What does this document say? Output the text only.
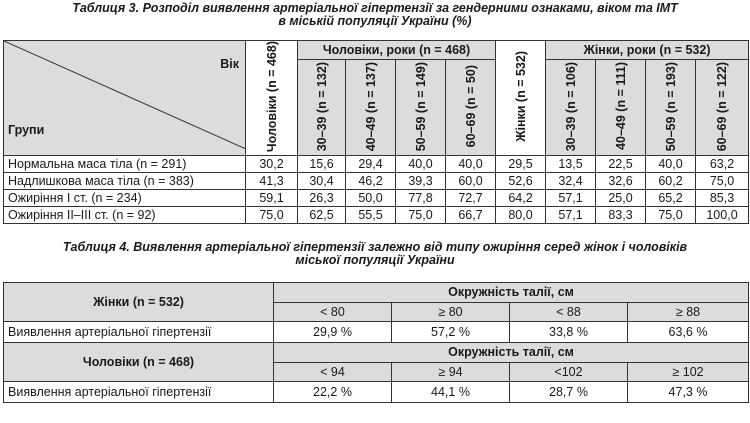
Таблиця 3. Розподіл виявлення артеріальної гіпертензії за гендерними ознаками, віком та ІМТ
в міській популяції України (%)
Вік
Групи	Чоловіки (n = 468)	Чоловіки, роки (n = 468)				Жінки (n = 532)	Жінки, роки (n = 532)			
		30–39 (n = 132)	40–49 (n = 137)	50–59 (n = 149)	60–69 (n = 50)		30–39 (n = 106)	40–49 (n = 111)	50–59 (n = 193)	60–69 (n = 122)
Нормальна маса тіла (n = 291)	30,2	15,6	29,4	40,0	40,0	29,5	13,5	22,5	40,0	63,2
Надлишкова маса тіла (n = 383)	41,3	30,4	46,2	39,3	60,0	52,6	32,4	32,6	60,2	75,0
Ожиріння І ст. (n = 234)	59,1	26,3	50,0	77,8	72,7	64,2	57,1	25,0	65,2	85,3
Ожиріння ІІ–ІІІ ст. (n = 92)	75,0	62,5	55,5	75,0	66,7	80,0	57,1	83,3	75,0	100,0
Таблиця 4. Виявлення артеріальної гіпертензії залежно від типу ожиріння серед жінок і чоловіків
міської популяції України
Жінки (n = 532)	Окружність талії, см			
	< 80	≥ 80	< 88	≥ 88
Виявлення артеріальної гіпертензії	29,9 %	57,2 %	33,8 %	63,6 %
Чоловіки (n = 468)	Окружність талії, см			
	< 94	≥ 94	<102	≥ 102
Виявлення артеріальної гіпертензії	22,2 %	44,1 %	28,7 %	47,3 %
